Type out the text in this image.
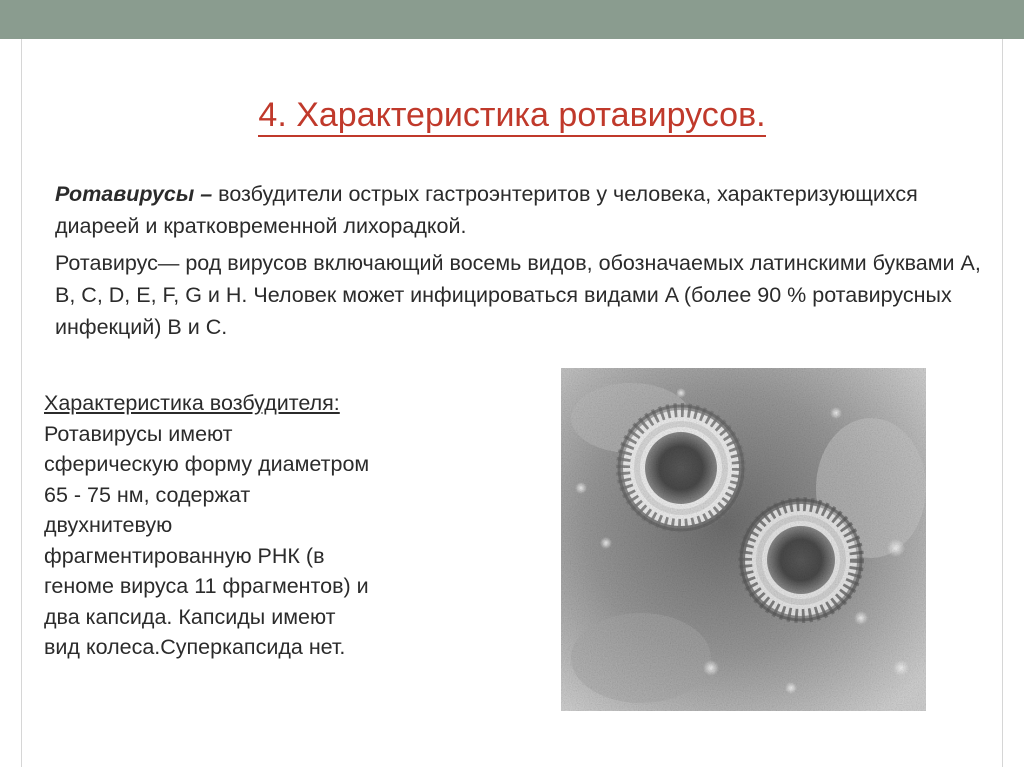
4. Характеристика ротавирусов.
Ротавирусы – возбудители острых гастроэнтеритов у человека, характеризующихся диареей и кратковременной лихорадкой.
Ротавирус— род вирусов включающий восемь видов, обозначаемых латинскими буквами A, B, C, D, E, F, G и H. Человек может инфицироваться видами A (более 90 % ротавирусных инфекций) B и C.
Характеристика возбудителя:
Ротавирусы имеют
сферическую форму диаметром
65 - 75 нм, содержат
двухнитевую
фрагментированную РНК (в
геноме вируса 11 фрагментов) и
два капсида. Капсиды имеют
вид колеса.Суперкапсида нет.
